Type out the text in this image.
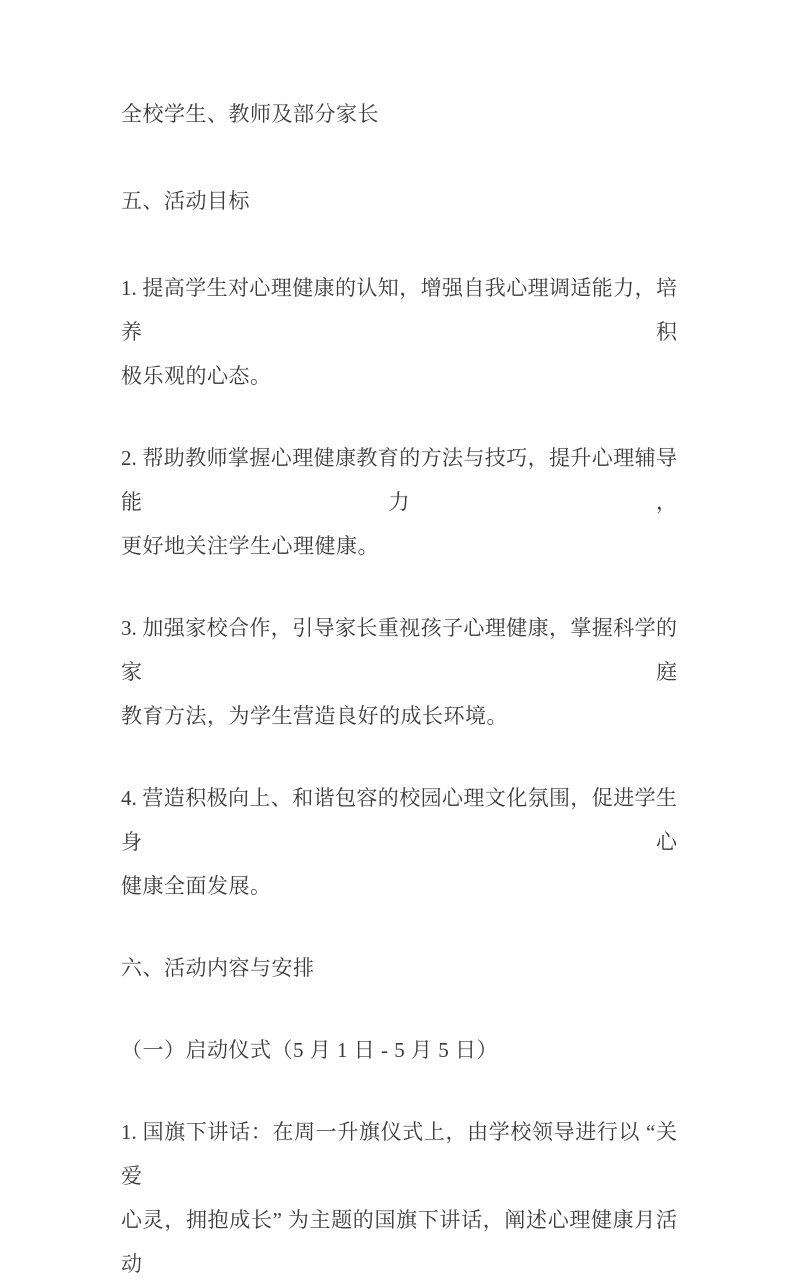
全校学生、教师及部分家长
五、活动目标
1. 提高学生对心理健康的认知，增强自我心理调适能力，培养积
极乐观的心态。
2. 帮助教师掌握心理健康教育的方法与技巧，提升心理辅导能力，
更好地关注学生心理健康。
3. 加强家校合作，引导家长重视孩子心理健康，掌握科学的家庭
教育方法，为学生营造良好的成长环境。
4. 营造积极向上、和谐包容的校园心理文化氛围，促进学生身心
健康全面发展。
六、活动内容与安排
（一）启动仪式（5 月 1 日 - 5 月 5 日）
1. 国旗下讲话：在周一升旗仪式上，由学校领导进行以 “关爱
心灵，拥抱成长” 为主题的国旗下讲话，阐述心理健康月活动
